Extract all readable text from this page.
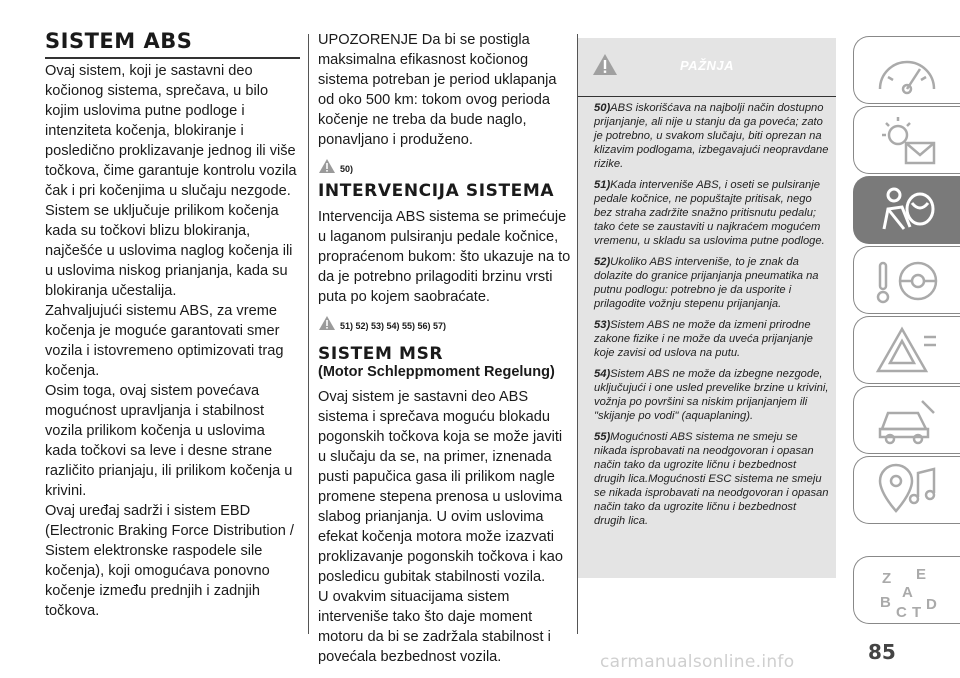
SISTEM ABS

Ovaj sistem, koji je sastavni deo kočionog sistema, sprečava, u bilo kojim uslovima putne podloge i intenziteta kočenja, blokiranje i posledično proklizavanje jednog ili više točkova, čime garantuje kontrolu vozila čak i pri kočenjima u slučaju nezgode. Sistem se uključuje prilikom kočenja kada su točkovi blizu blokiranja, najčešće u uslovima naglog kočenja ili u uslovima niskog prianjanja, kada su blokiranja učestalija.

Zahvaljujući sistemu ABS, za vreme kočenja je moguće garantovati smer vozila i istovremeno optimizovati trag kočenja.

Osim toga, ovaj sistem povećava mogućnost upravljanja i stabilnost vozila prilikom kočenja u uslovima kada točkovi sa leve i desne strane različito prianjaju, ili prilikom kočenja u krivini.

Ovaj uređaj sadrži i sistem EBD (Electronic Braking Force Distribution / Sistem elektronske raspodele sile kočenja), koji omogućava ponovno kočenje između prednjih i zadnjih točkova.

UPOZORENJE Da bi se postigla maksimalna efikasnost kočionog sistema potreban je period uklapanja od oko 500 km: tokom ovog perioda kočenje ne treba da bude naglo, ponavljano i produženo.

50)
INTERVENCIJA SISTEMA

Intervencija ABS sistema se primećuje u laganom pulsiranju pedale kočnice, propraćenom bukom: što ukazuje na to da je potrebno prilagoditi brzinu vrsti puta po kojem saobraćate.

51) 52) 53) 54) 55) 56) 57)
SISTEM MSR
(Motor Schleppmoment Regelung)

Ovaj sistem je sastavni deo ABS sistema i sprečava moguću blokadu pogonskih točkova koja se može javiti u slučaju da se, na primer, iznenada pusti papučica gasa ili prilikom nagle promene stepena prenosa u uslovima slabog prianjanja. U ovim uslovima efekat kočenja motora može izazvati proklizavanje pogonskih točkova i kao posledicu gubitak stabilnosti vozila.

U ovakvim situacijama sistem interveniše tako što daje moment motoru da bi se zadržala stabilnost i povećala bezbednost vozila.

PAŽNJA

50)ABS iskorišćava na najbolji način dostupno prijanjanje, ali nije u stanju da ga poveća; zato je potrebno, u svakom slučaju, biti oprezan na klizavim podlogama, izbegavajući neopravdane rizike.

51)Kada interveniše ABS, i oseti se pulsiranje pedale kočnice, ne popuštajte pritisak, nego bez straha zadržite snažno pritisnutu pedalu; tako ćete se zaustaviti u najkraćem mogućem vremenu, u skladu sa uslovima putne podloge.

52)Ukoliko ABS interveniše, to je znak da dolazite do granice prijanjanja pneumatika na putnu podlogu: potrebno je da usporite i prilagodite vožnju stepenu prijanjanja.

53)Sistem ABS ne može da izmeni prirodne zakone fizike i ne može da uveća prijanjanje koje zavisi od uslova na putu.

54)Sistem ABS ne može da izbegne nezgode, uključujući i one usled prevelike brzine u krivini, vožnja po površini sa niskim prijanjanjem ili "skijanje po vodi" (aquaplaning).

55)Mogućnosti ABS sistema ne smeju se nikada isprobavati na neodgovoran i opasan način tako da ugrozite ličnu i bezbednost drugih lica.Mogućnosti ESC sistema ne smeju se nikada isprobavati na neodgovoran i opasan način tako da ugrozite ličnu i bezbednost drugih lica.

Z E
A
B D
C T
85
carmanualsonline.info
